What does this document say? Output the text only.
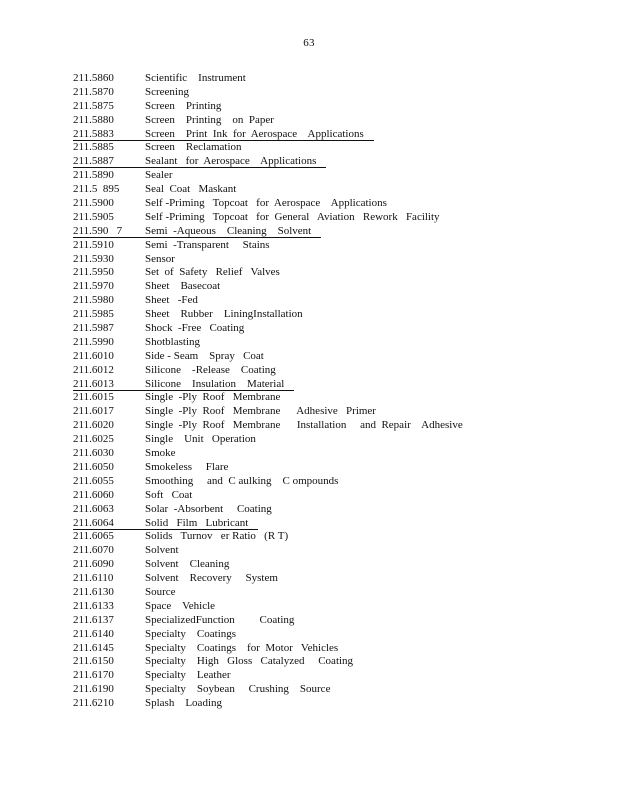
63
211.5860	Scientific    Instrument
211.5870	Screening
211.5875	Screen    Printing
211.5880	Screen    Printing    on  Paper
211.5883	Screen    Print  Ink  for  Aerospace    Applications
211.5885	Screen    Reclamation
211.5887	Sealant   for  Aerospace    Applications
211.5890	Sealer
211.5  895 Seal  Coat   Maskant
211.5900	Self -Priming   Topcoat   for  Aerospace    Applications
211.5905	Self -Priming   Topcoat   for  General   Aviation   Rework   Facility
211.590   7 Semi  -Aqueous    Cleaning    Solvent
211.5910	Semi  -Transparent     Stains
211.5930	Sensor
211.5950	Set  of  Safety   Relief   Valves
211.5970	Sheet    Basecoat
211.5980	Sheet   -Fed
211.5985	Sheet    Rubber    LiningInstallation
211.5987	Shock  -Free   Coating
211.5990	Shotblasting
211.6010	Side - Seam    Spray   Coat
211.6012	Silicone    -Release    Coating
211.6013	Silicone    Insulation    Material
211.6015	Single  -Ply  Roof   Membrane
211.6017	Single  -Ply  Roof   Membrane      Adhesive   Primer
211.6020	Single  -Ply  Roof   Membrane      Installation     and  Repair    Adhesive
211.6025	Single    Unit   Operation
211.6030	Smoke
211.6050	Smokeless     Flare
211.6055	Smoothing     and  C aulking    C ompounds
211.6060	Soft   Coat
211.6063	Solar  -Absorbent     Coating
211.6064	Solid   Film   Lubricant
211.6065	Solids   Turnov   er Ratio   (R T)
211.6070	Solvent
211.6090	Solvent    Cleaning
211.6110	Solvent    Recovery     System
211.6130	Source
211.6133	Space    Vehicle
211.6137	SpecializedFunction         Coating
211.6140	Specialty    Coatings
211.6145	Specialty    Coatings    for  Motor   Vehicles
211.6150	Specialty    High   Gloss   Catalyzed     Coating
211.6170	Specialty    Leather
211.6190	Specialty    Soybean     Crushing    Source
211.6210	Splash    Loading
